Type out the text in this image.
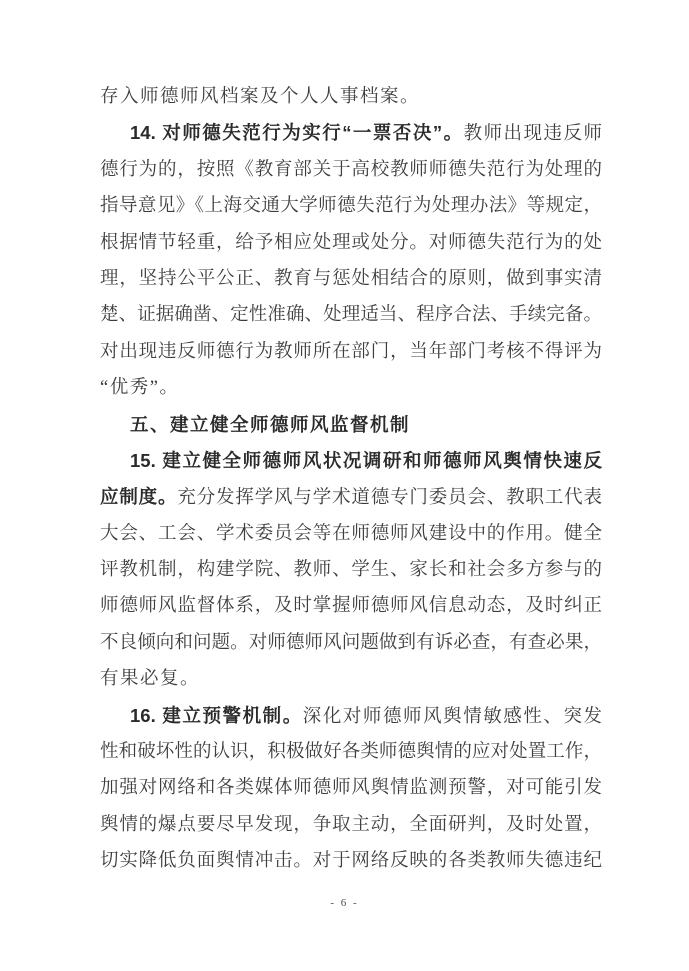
存入师德师风档案及个人人事档案。
14. 对师德失范行为实行“一票否决”。教师出现违反师
德行为的，按照《教育部关于高校教师师德失范行为处理的
指导意见》《上海交通大学师德失范行为处理办法》等规定，
根据情节轻重，给予相应处理或处分。对师德失范行为的处
理，坚持公平公正、教育与惩处相结合的原则，做到事实清
楚、证据确凿、定性准确、处理适当、程序合法、手续完备。
对出现违反师德行为教师所在部门，当年部门考核不得评为
“优秀”。
五、建立健全师德师风监督机制
15. 建立健全师德师风状况调研和师德师风舆情快速反
应制度。充分发挥学风与学术道德专门委员会、教职工代表
大会、工会、学术委员会等在师德师风建设中的作用。健全
评教机制，构建学院、教师、学生、家长和社会多方参与的
师德师风监督体系，及时掌握师德师风信息动态，及时纠正
不良倾向和问题。对师德师风问题做到有诉必查，有查必果，
有果必复。
16. 建立预警机制。深化对师德师风舆情敏感性、突发
性和破坏性的认识，积极做好各类师德舆情的应对处置工作，
加强对网络和各类媒体师德师风舆情监测预警，对可能引发
舆情的爆点要尽早发现，争取主动，全面研判，及时处置，
切实降低负面舆情冲击。对于网络反映的各类教师失德违纪
- 6 -
